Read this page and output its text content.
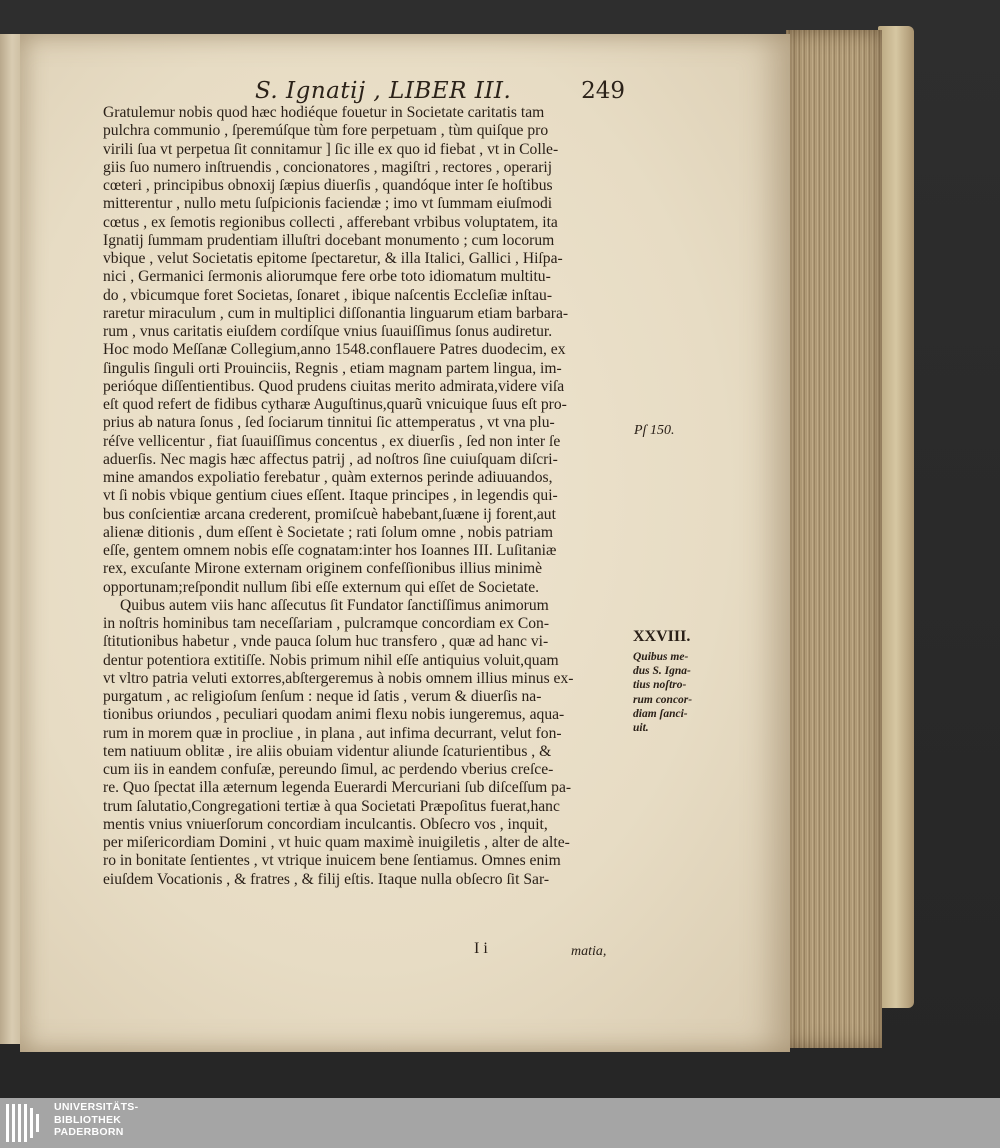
S. Ignatij , LIBER III.	249
Gratulemur nobis quod hæc hodiéque fouetur in Societate caritatis tam
pulchra communio , ſperemúſque tùm fore perpetuam , tùm quiſque pro
virili ſua vt perpetua ſit connitamur ] ſic ille ex quo id fiebat , vt in Colle-
giis ſuo numero inſtruendis , concionatores , magiſtri , rectores , operarij
cœteri , principibus obnoxij ſæpius diuerſis , quandóque inter ſe hoſtibus
mitterentur , nullo metu ſuſpicionis faciendæ ; imo vt ſummam eiuſmodi
cœtus , ex ſemotis regionibus collecti , afferebant vrbibus voluptatem, ita
Ignatij ſummam prudentiam illuſtri docebant monumento ; cum locorum
vbique , velut Societatis epitome ſpectaretur, & illa Italici, Gallici , Hiſpa-
nici , Germanici ſermonis aliorumque fere orbe toto idiomatum multitu-
do , vbicumque foret Societas, ſonaret , ibique naſcentis Eccleſiæ inſtau-
raretur miraculum , cum in multiplici diſſonantia linguarum etiam barbara-
rum , vnus caritatis eiuſdem cordíſque vnius ſuauiſſimus ſonus audiretur.
Hoc modo Meſſanæ Collegium,anno 1548.conflauere Patres duodecim, ex
ſingulis ſinguli orti Prouinciis, Regnis , etiam magnam partem lingua, im-
perióque diſſentientibus. Quod prudens ciuitas merito admirata,videre viſa
eſt quod refert de fidibus cytharæ Auguſtinus,quarũ vnicuique ſuus eſt pro-
prius ab natura ſonus , ſed ſociarum tinnitui ſic attemperatus , vt vna plu-
réſve vellicentur , fiat ſuauiſſimus concentus , ex diuerſis , ſed non inter ſe
aduerſis. Nec magis hæc affectus patrij , ad noſtros ſine cuiuſquam diſcri-
mine amandos expoliatio ferebatur , quàm externos perinde adiuuandos,
vt ſi nobis vbique gentium ciues eſſent. Itaque principes , in legendis qui-
bus conſcientiæ arcana crederent, promiſcuè habebant,ſuæne ij forent,aut
alienæ ditionis , dum eſſent è Societate ; rati ſolum omne , nobis patriam
eſſe, gentem omnem nobis eſſe cognatam:inter hos Ioannes III. Luſitaniæ
rex, excuſante Mirone externam originem confeſſionibus illius minimè
opportunam;reſpondit nullum ſibi eſſe externum qui eſſet de Societate.
Quibus autem viis hanc aſſecutus ſit Fundator ſanctiſſimus animorum
in noſtris hominibus tam neceſſariam , pulcramque concordiam ex Con-
ſtitutionibus habetur , vnde pauca ſolum huc transfero , quæ ad hanc vi-
dentur potentiora extitiſſe. Nobis primum nihil eſſe antiquius voluit,quam
vt vltro patria veluti extorres,abſtergeremus à nobis omnem illius minus ex-
purgatum , ac religioſum ſenſum : neque id ſatis , verum & diuerſis na-
tionibus oriundos , peculiari quodam animi flexu nobis iungeremus, aqua-
rum in morem quæ in procliue , in plana , aut infima decurrant, velut fon-
tem natiuum oblitæ , ire aliis obuiam videntur aliunde ſcaturientibus , &
cum iis in eandem confuſæ, pereundo ſimul, ac perdendo vberius creſce-
re. Quo ſpectat illa æternum legenda Euerardi Mercuriani ſub diſceſſum pa-
trum ſalutatio,Congregationi tertiæ à qua Societati Præpoſitus fuerat,hanc
mentis vnius vniuerſorum concordiam inculcantis. Obſecro vos , inquit,
per miſericordiam Domini , vt huic quam maximè inuigiletis , alter de alte-
ro in bonitate ſentientes , vt vtrique inuicem bene ſentiamus. Omnes enim
eiuſdem Vocationis , & fratres , & filij eſtis. Itaque nulla obſecro ſit Sar-
Pſ 150.
XXVIII.
Quibus me-
dus S. Igna-
tius noſtro-
rum concor-
diam ſanci-
uit.
I i	matia,
UNIVERSITÄTS-
BIBLIOTHEK
PADERBORN
